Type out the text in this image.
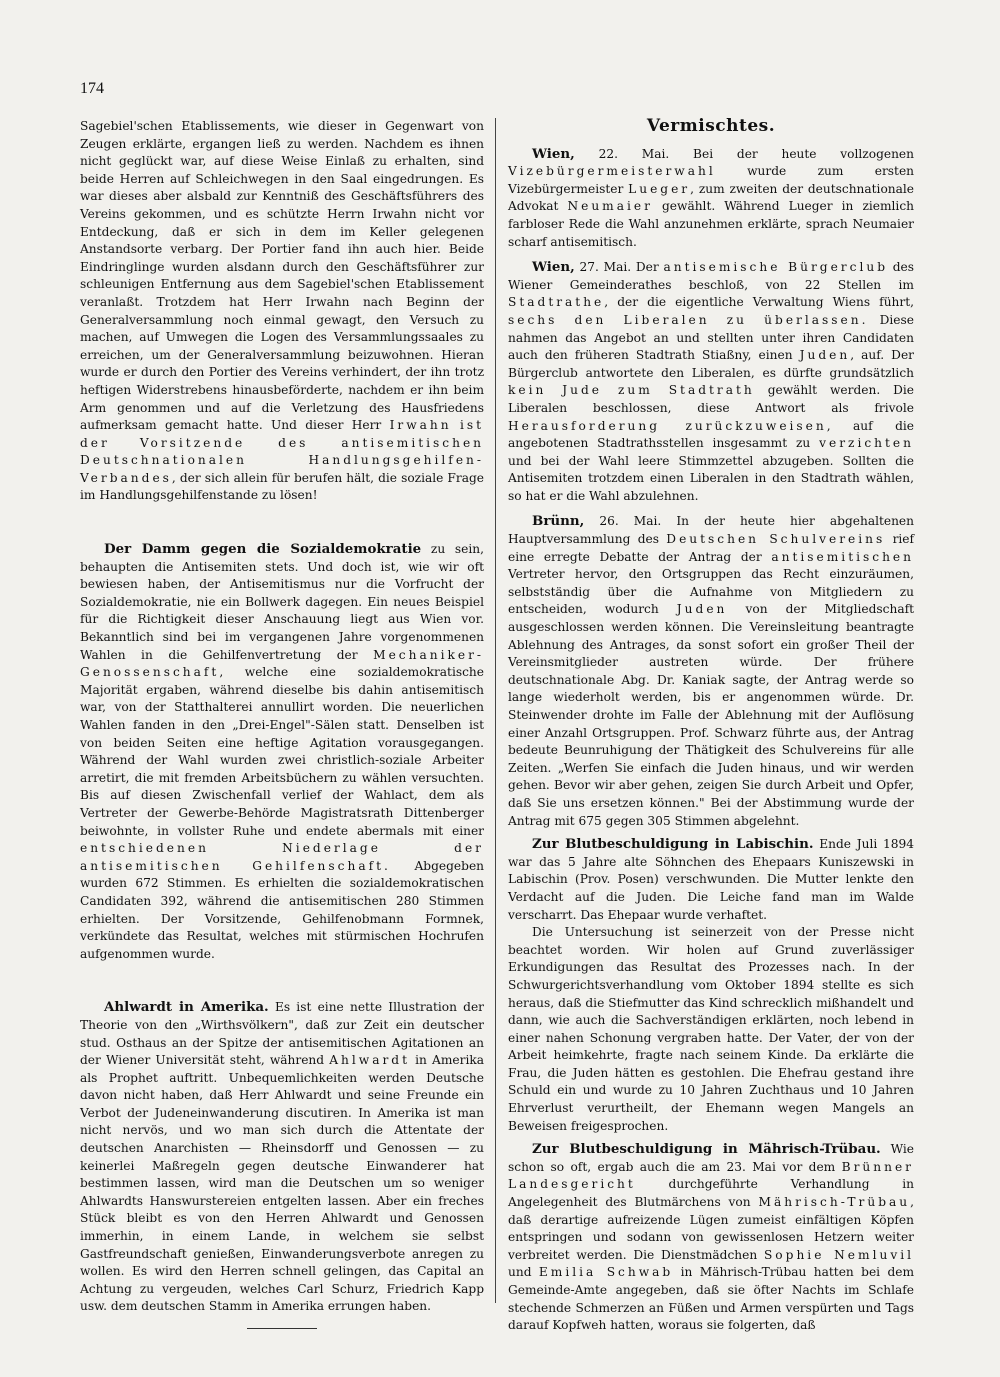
174

Sagebiel'schen Etablissements, wie dieser in Gegenwart von Zeugen erklärte, ergangen ließ zu werden. Nachdem es ihnen nicht geglückt war, auf diese Weise Einlaß zu erhalten, sind beide Herren auf Schleichwegen in den Saal eingedrungen. Es war dieses aber alsbald zur Kenntniß des Geschäftsführers des Vereins gekommen, und es schützte Herrn Irwahn nicht vor Entdeckung, daß er sich in dem im Keller gelegenen Anstandsorte verbarg. Der Portier fand ihn auch hier. Beide Eindringlinge wurden alsdann durch den Geschäftsführer zur schleunigen Entfernung aus dem Sagebiel'schen Etablissement veranlaßt. Trotzdem hat Herr Irwahn nach Beginn der Generalversammlung noch einmal gewagt, den Versuch zu machen, auf Umwegen die Logen des Versammlungssaales zu erreichen, um der Generalversammlung beizuwohnen. Hieran wurde er durch den Portier des Vereins verhindert, der ihn trotz heftigen Widerstrebens hinausbeförderte, nachdem er ihn beim Arm genommen und auf die Verletzung des Hausfriedens aufmerksam gemacht hatte. Und dieser Herr Irwahn ist der Vorsitzende des antisemitischen Deutschnationalen Handlungsgehilfen-Verbandes, der sich allein für berufen hält, die soziale Frage im Handlungsgehilfenstande zu lösen!

Der Damm gegen die Sozialdemokratie zu sein, behaupten die Antisemiten stets. Und doch ist, wie wir oft bewiesen haben, der Antisemitismus nur die Vorfrucht der Sozialdemokratie, nie ein Bollwerk dagegen. Ein neues Beispiel für die Richtigkeit dieser Anschauung liegt aus Wien vor. Bekanntlich sind bei im vergangenen Jahre vorgenommenen Wahlen in die Gehilfenvertretung der Mechaniker-Genossenschaft, welche eine sozialdemokratische Majorität ergaben, während dieselbe bis dahin antisemitisch war, von der Statthalterei annullirt worden. Die neuerlichen Wahlen fanden in den „Drei-Engel"-Sälen statt. Denselben ist von beiden Seiten eine heftige Agitation vorausgegangen. Während der Wahl wurden zwei christlich-soziale Arbeiter arretirt, die mit fremden Arbeitsbüchern zu wählen versuchten. Bis auf diesen Zwischenfall verlief der Wahlact, dem als Vertreter der Gewerbe-Behörde Magistratsrath Dittenberger beiwohnte, in vollster Ruhe und endete abermals mit einer entschiedenen Niederlage der antisemitischen Gehilfenschaft. Abgegeben wurden 672 Stimmen. Es erhielten die sozialdemokratischen Candidaten 392, während die antisemitischen 280 Stimmen erhielten. Der Vorsitzende, Gehilfenobmann Formnek, verkündete das Resultat, welches mit stürmischen Hochrufen aufgenommen wurde.

Ahlwardt in Amerika. Es ist eine nette Illustration der Theorie von den „Wirthsvölkern", daß zur Zeit ein deutscher stud. Osthaus an der Spitze der antisemitischen Agitationen an der Wiener Universität steht, während Ahlwardt in Amerika als Prophet auftritt. Unbequemlichkeiten werden Deutsche davon nicht haben, daß Herr Ahlwardt und seine Freunde ein Verbot der Judeneinwanderung discutiren. In Amerika ist man nicht nervös, und wo man sich durch die Attentate der deutschen Anarchisten — Rheinsdorff und Genossen — zu keinerlei Maßregeln gegen deutsche Einwanderer hat bestimmen lassen, wird man die Deutschen um so weniger Ahlwardts Hanswurstereien entgelten lassen. Aber ein freches Stück bleibt es von den Herren Ahlwardt und Genossen immerhin, in einem Lande, in welchem sie selbst Gastfreundschaft genießen, Einwanderungsverbote anregen zu wollen. Es wird den Herren schnell gelingen, das Capital an Achtung zu vergeuden, welches Carl Schurz, Friedrich Kapp usw. dem deutschen Stamm in Amerika errungen haben.

Vermischtes.

Wien, 22. Mai. Bei der heute vollzogenen Vizebürgermeisterwahl	wurde zum ersten Vizebürgermeister Lueger, zum zweiten der deutschnationale Advokat Neumaier gewählt. Während Lueger in ziemlich farbloser Rede die Wahl anzunehmen erklärte, sprach Neumaier scharf antisemitisch.

Wien, 27. Mai. Der antisemische Bürgerclub des Wiener Gemeinderathes beschloß, von 22 Stellen im Stadtrathe, der die eigentliche Verwaltung Wiens führt, sechs den Liberalen zu überlassen. Diese nahmen das Angebot an und stellten unter ihren Candidaten auch den früheren Stadtrath Stiaßny, einen Juden, auf. Der Bürgerclub antwortete den Liberalen, es dürfte grundsätzlich kein Jude zum Stadtrath gewählt werden. Die Liberalen beschlossen, diese Antwort als frivole Herausforderung zurückzuweisen, auf die angebotenen Stadtrathsstellen insgesammt zu verzichten und bei der Wahl leere Stimmzettel abzugeben. Sollten die Antisemiten trotzdem einen Liberalen in den Stadtrath wählen, so hat er die Wahl abzulehnen.

Brünn, 26. Mai. In der heute hier abgehaltenen Hauptversammlung des Deutschen Schulvereins rief eine erregte Debatte der Antrag der antisemitischen Vertreter hervor, den Ortsgruppen das Recht einzuräumen, selbstständig über die Aufnahme von Mitgliedern zu entscheiden, wodurch Juden von der Mitgliedschaft ausgeschlossen werden können. Die Vereinsleitung beantragte Ablehnung des Antrages, da sonst sofort ein großer Theil der Vereinsmitglieder austreten würde. Der frühere deutschnationale Abg. Dr. Kaniak sagte, der Antrag werde so lange wiederholt werden, bis er angenommen würde. Dr. Steinwender drohte im Falle der Ablehnung mit der Auflösung einer Anzahl Ortsgruppen. Prof. Schwarz führte aus, der Antrag bedeute Beunruhigung der Thätigkeit des Schulvereins für alle Zeiten. „Werfen Sie einfach die Juden hinaus, und wir werden gehen. Bevor wir aber gehen, zeigen Sie durch Arbeit und Opfer, daß Sie uns ersetzen können." Bei der Abstimmung wurde der Antrag mit 675 gegen 305 Stimmen abgelehnt.

Zur Blutbeschuldigung in Labischin. Ende Juli 1894 war das 5 Jahre alte Söhnchen des Ehepaars Kuniszewski in Labischin (Prov. Posen) verschwunden. Die Mutter lenkte den Verdacht auf die Juden. Die Leiche fand man im Walde verscharrt. Das Ehepaar wurde verhaftet.

Die Untersuchung ist seinerzeit von der Presse nicht beachtet worden. Wir holen auf Grund zuverlässiger Erkundigungen das Resultat des Prozesses nach. In der Schwurgerichtsverhandlung vom Oktober 1894 stellte es sich heraus, daß die Stiefmutter das Kind schrecklich mißhandelt und dann, wie auch die Sachverständigen erklärten, noch lebend in einer nahen Schonung vergraben hatte. Der Vater, der von der Arbeit heimkehrte, fragte nach seinem Kinde. Da erklärte die Frau, die Juden hätten es gestohlen. Die Ehefrau gestand ihre Schuld ein und wurde zu 10 Jahren Zuchthaus und 10 Jahren Ehrverlust verurtheilt, der Ehemann wegen Mangels an Beweisen freigesprochen.

Zur Blutbeschuldigung in Mährisch-Trübau. Wie schon so oft, ergab auch die am 23. Mai vor dem Brünner Landesgericht	durchgeführte Verhandlung in Angelegenheit des Blutmärchens von Mährisch-Trübau, daß derartige aufreizende Lügen zumeist einfältigen Köpfen entspringen und sodann von gewissenlosen Hetzern weiter verbreitet werden. Die Dienstmädchen Sophie Nemluvil und Emilia Schwab in Mährisch-Trübau hatten bei dem Gemeinde-Amte angegeben, daß sie öfter Nachts im Schlafe stechende Schmerzen an Füßen und Armen verspürten und Tags darauf Kopfweh hatten, woraus sie folgerten, daß
